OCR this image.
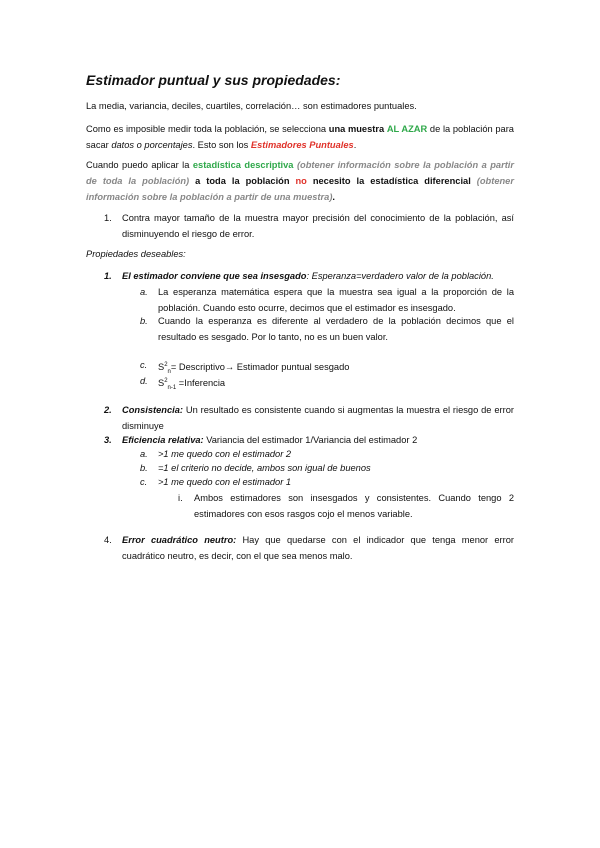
Estimador puntual y sus propiedades:
La media, variancia, deciles, cuartiles, correlación… son estimadores puntuales.
Como es imposible medir toda la población, se selecciona una muestra AL AZAR de la población para sacar datos o porcentajes. Esto son los Estimadores Puntuales.
Cuando puedo aplicar la estadística descriptiva (obtener información sobre la población a partir de toda la población) a toda la población no necesito la estadística diferencial (obtener información sobre la población a partir de una muestra).
1. Contra mayor tamaño de la muestra mayor precisión del conocimiento de la población, así disminuyendo el riesgo de error.
Propiedades deseables:
1. El estimador conviene que sea insesgado: Esperanza=verdadero valor de la población.
a. La esperanza matemática espera que la muestra sea igual a la proporción de la población. Cuando esto ocurre, decimos que el estimador es insesgado.
b. Cuando la esperanza es diferente al verdadero de la población decimos que el resultado es sesgado. Por lo tanto, no es un buen valor.
c. $S^2_n=$ Descriptivo→ Estimador puntual sesgado
d. $S^2_{n-1}$ =Inferencia
2. Consistencia: Un resultado es consistente cuando si augmentas la muestra el riesgo de error disminuye
3. Eficiencia relativa: Variancia del estimador 1/Variancia del estimador 2
a. >1 me quedo con el estimador 2
b. =1 el criterio no decide, ambos son igual de buenos
c. >1 me quedo con el estimador 1
i. Ambos estimadores son insesgados y consistentes. Cuando tengo 2 estimadores con esos rasgos cojo el menos variable.
4. Error cuadrático neutro: Hay que quedarse con el indicador que tenga menor error cuadrático neutro, es decir, con el que sea menos malo.
